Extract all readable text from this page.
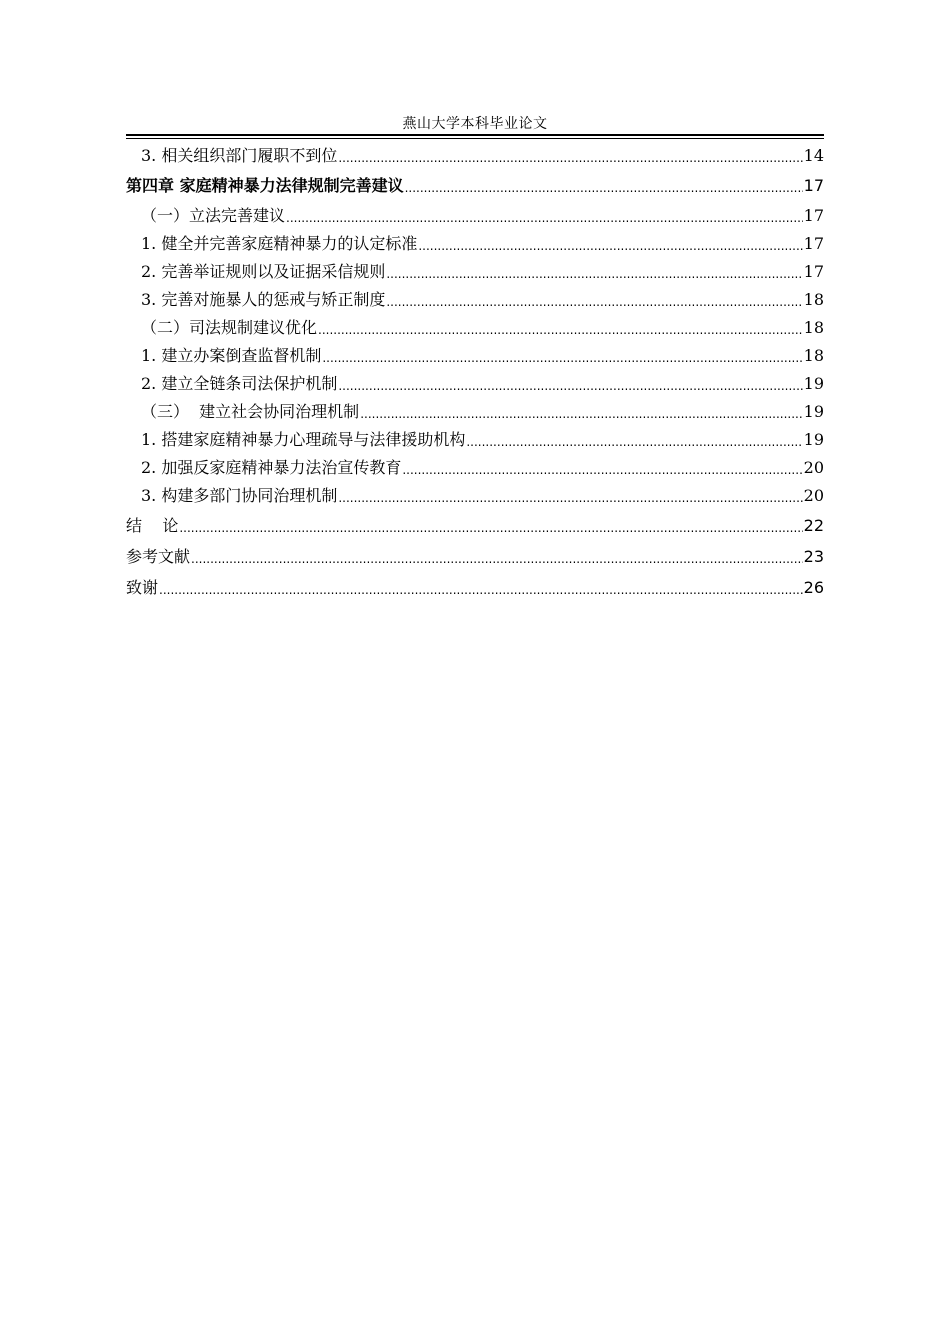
燕山大学本科毕业论文
3. 相关组织部门履职不到位 .....	14
第四章 家庭精神暴力法律规制完善建议 .....	17
（一）立法完善建议 .....	17
1. 健全并完善家庭精神暴力的认定标准 .....	17
2. 完善举证规则以及证据采信规则 .....	17
3. 完善对施暴人的惩戒与矫正制度 .....	18
（二）司法规制建议优化 .....	18
1. 建立办案倒查监督机制 .....	18
2. 建立全链条司法保护机制 .....	19
（三）  建立社会协同治理机制 .....	19
1. 搭建家庭精神暴力心理疏导与法律援助机构 .....	19
2. 加强反家庭精神暴力法治宣传教育 .....	20
3. 构建多部门协同治理机制 .....	20
结    论 .....	22
参考文献 .....	23
致谢 .....	26
